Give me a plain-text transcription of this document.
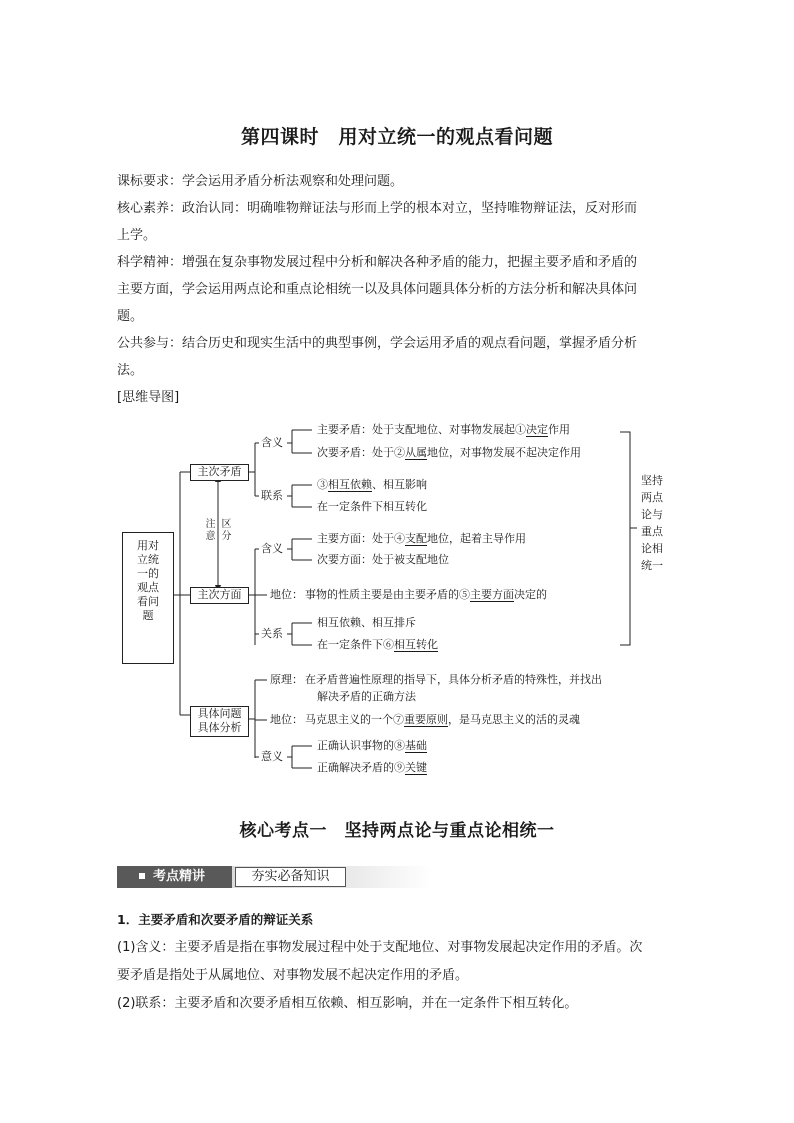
第四课时　用对立统一的观点看问题

课标要求：学会运用矛盾分析法观察和处理问题。

核心素养：政治认同：明确唯物辩证法与形而上学的根本对立，坚持唯物辩证法，反对形而

上学。

科学精神：增强在复杂事物发展过程中分析和解决各种矛盾的能力，把握主要矛盾和矛盾的

主要方面，学会运用两点论和重点论相统一以及具体问题具体分析的方法分析和解决具体问

题。

公共参与：结合历史和现实生活中的典型事例，学会运用矛盾的观点看问题，掌握矛盾分析

法。

[思维导图]

用对
立统
一的
观点
看问
题
主次矛盾
主次方面
具体问题
具体分析
注
意
区
分
含义
联系
含义
地位：
关系
原理：
地位：
意义
主要矛盾：处于支配地位、对事物发展起①决定作用
次要矛盾：处于②从属地位，对事物发展不起决定作用
③相互依赖、相互影响
在一定条件下相互转化
主要方面：处于④支配地位，起着主导作用
次要方面：处于被支配地位
事物的性质主要是由主要矛盾的⑤主要方面决定的
相互依赖、相互排斥
在一定条件下⑥相互转化
在矛盾普遍性原理的指导下，具体分析矛盾的特殊性，并找出
解决矛盾的正确方法
马克思主义的一个⑦重要原则，是马克思主义的活的灵魂
正确认识事物的⑧基础
正确解决矛盾的⑨关键
坚持
两点
论与
重点
论相
统一
核心考点一　坚持两点论与重点论相统一
考点精讲	夯实必备知识

1．主要矛盾和次要矛盾的辩证关系

(1)含义：主要矛盾是指在事物发展过程中处于支配地位、对事物发展起决定作用的矛盾。次

要矛盾是指处于从属地位、对事物发展不起决定作用的矛盾。

(2)联系：主要矛盾和次要矛盾相互依赖、相互影响，并在一定条件下相互转化。
